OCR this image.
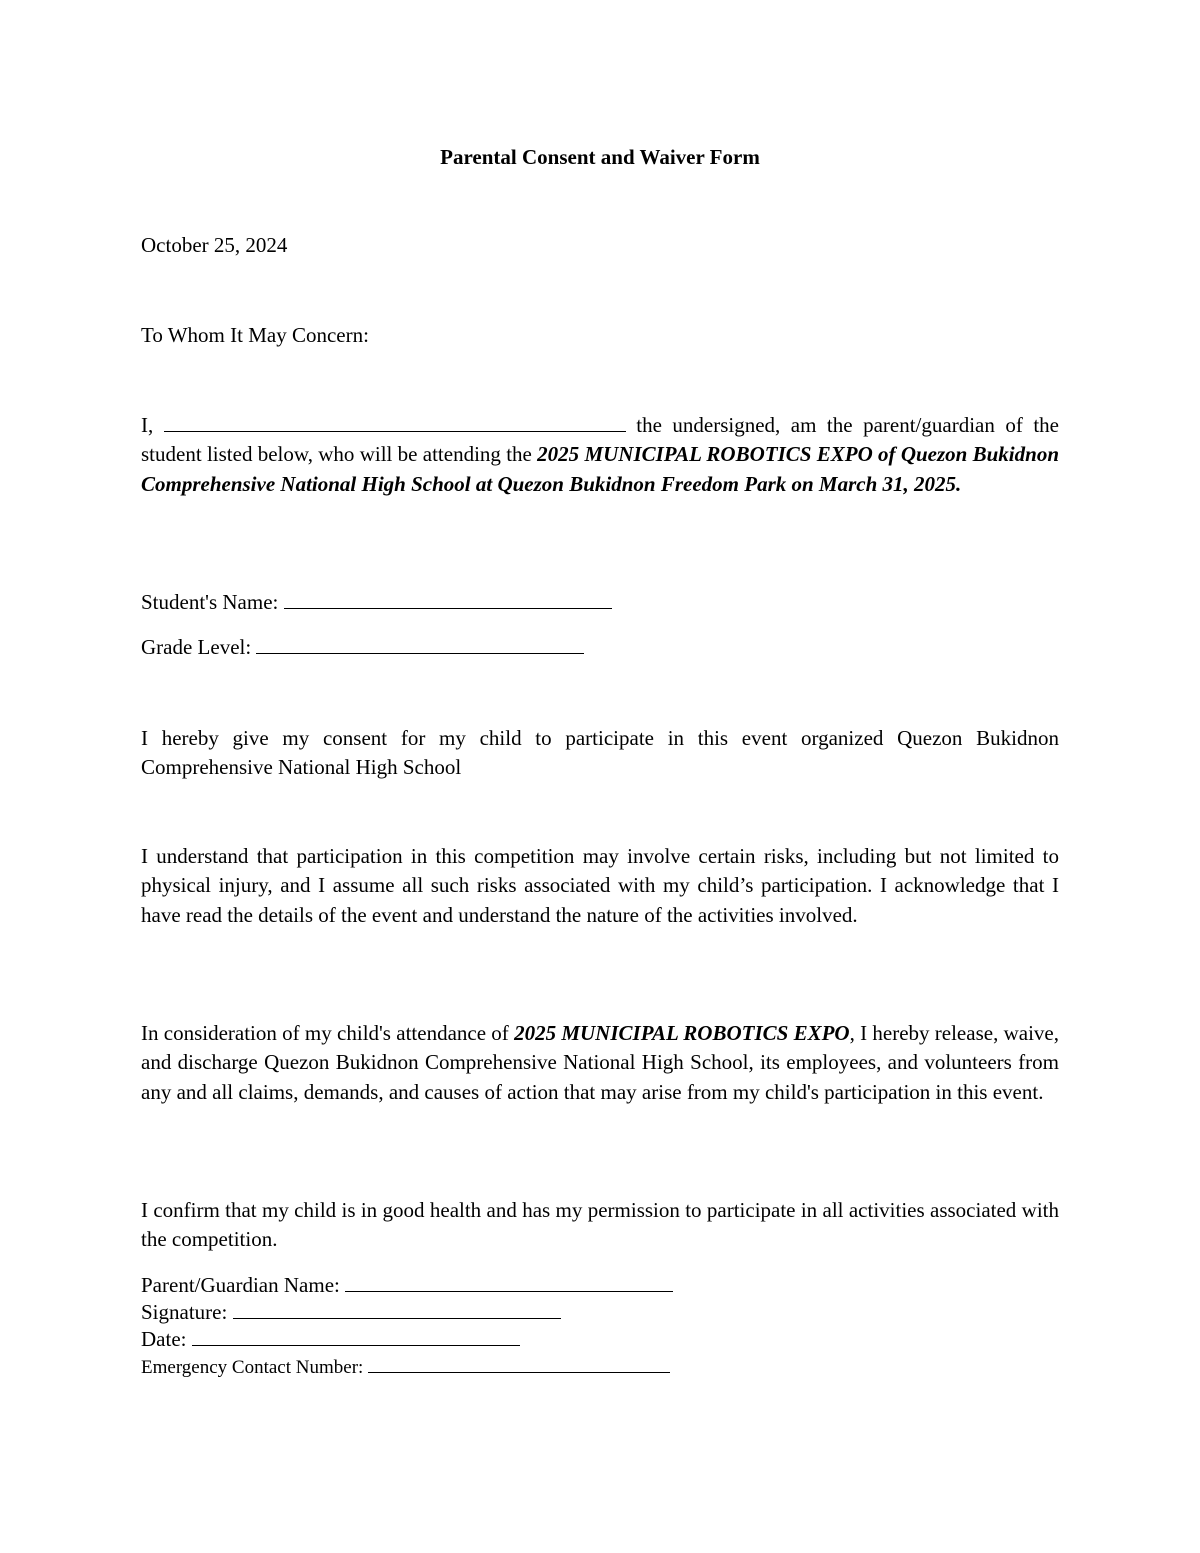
Parental Consent and Waiver Form
October 25, 2024
To Whom It May Concern:
I,	the undersigned, am the parent/guardian of the student listed below, who will be attending the 2025 MUNICIPAL ROBOTICS EXPO of Quezon Bukidnon Comprehensive National High School at Quezon Bukidnon Freedom Park on March 31, 2025.
Student's Name:
Grade Level:
I hereby give my consent for my child to participate in this event organized Quezon Bukidnon Comprehensive National High School
I understand that participation in this competition may involve certain risks, including but not limited to physical injury, and I assume all such risks associated with my child’s participation. I acknowledge that I have read the details of the event and understand the nature of the activities involved.
In consideration of my child's attendance of 2025 MUNICIPAL ROBOTICS EXPO, I hereby release, waive, and discharge Quezon Bukidnon Comprehensive National High School, its employees, and volunteers from any and all claims, demands, and causes of action that may arise from my child's participation in this event.
I confirm that my child is in good health and has my permission to participate in all activities associated with the competition.
Parent/Guardian Name:
Signature:
Date:
Emergency Contact Number:
